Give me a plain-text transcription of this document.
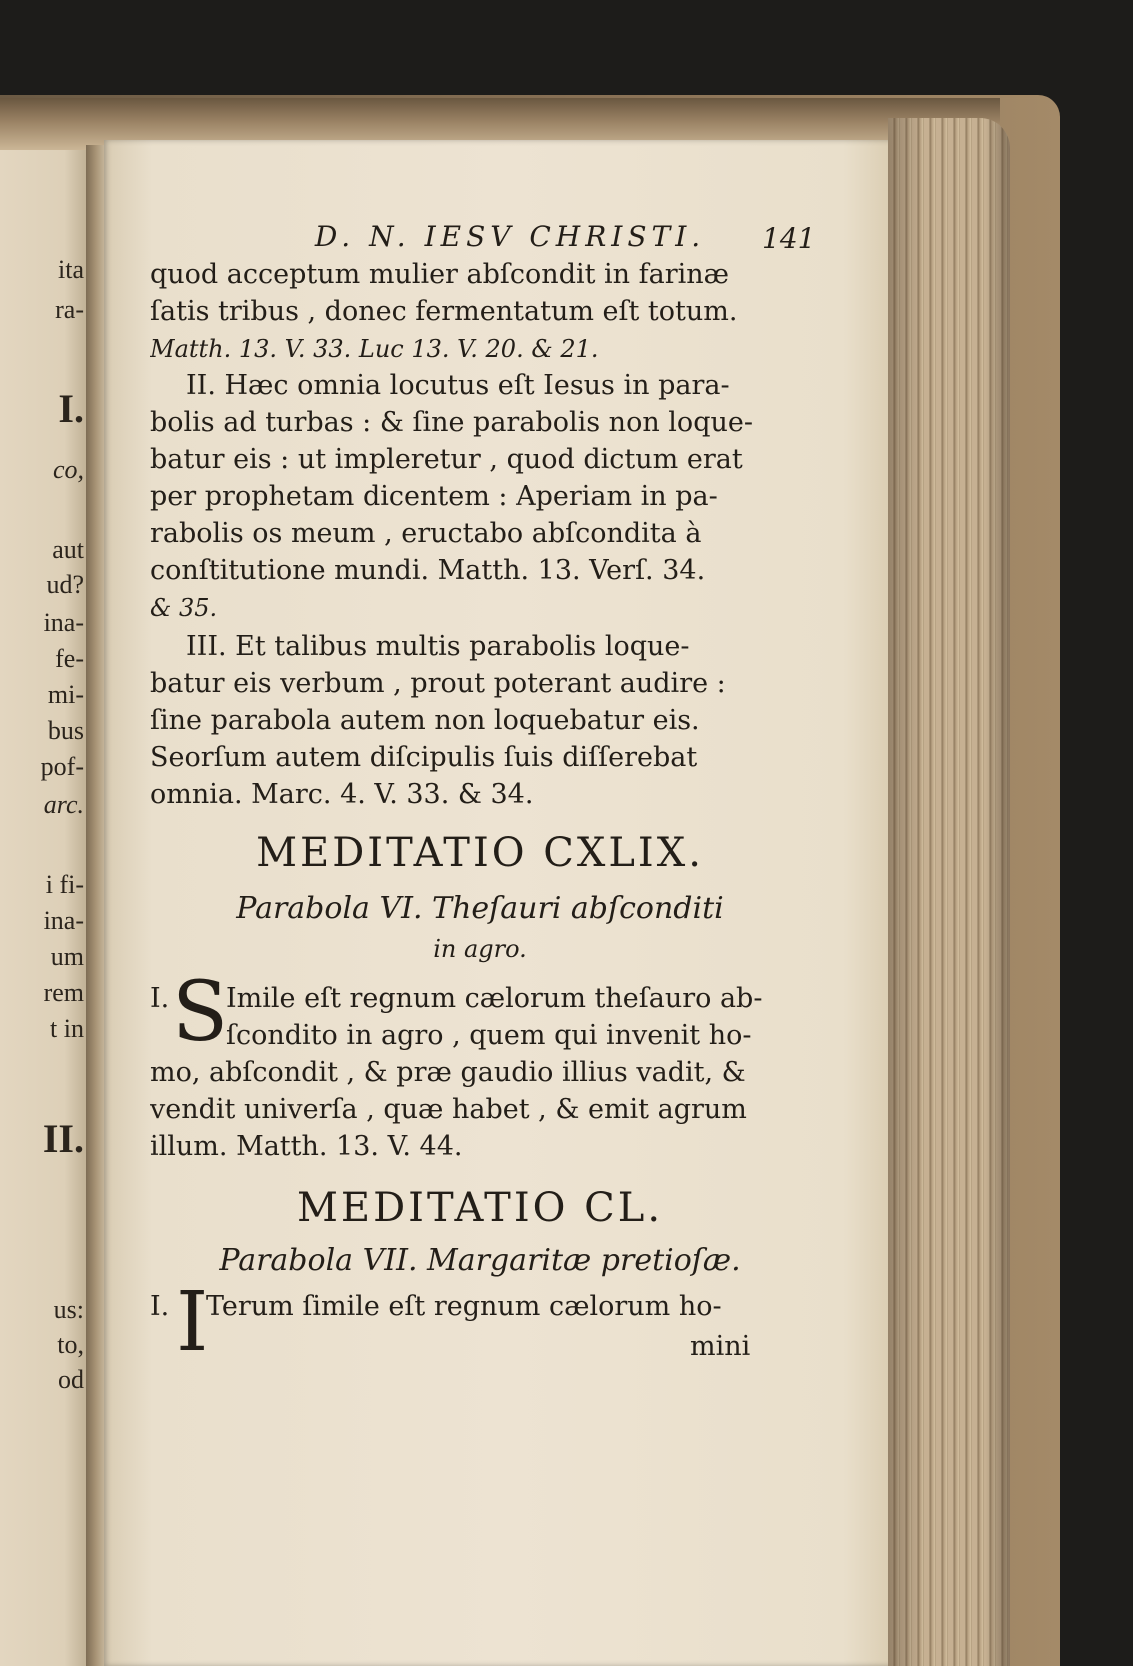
ita
ra-
I.
co,
aut
ud?
ina-
fe-
mi-
bus
pof-
arc.
i fi-
ina-
um
rem
t in
II.
us:
to,
od
D. N. IESV CHRISTI.	141
quod acceptum mulier abſcondit in farinæ
ſatis tribus , donec fermentatum eſt totum.
Matth. 13. V. 33. Luc 13. V. 20. & 21.
II. Hæc omnia locutus eſt Iesus in para-
bolis ad turbas : & ſine parabolis non loque-
batur eis : ut impleretur , quod dictum erat
per prophetam dicentem : Aperiam in pa-
rabolis os meum , eructabo abſcondita à
conſtitutione mundi. Matth. 13. Verſ. 34.
& 35.
III. Et talibus multis parabolis loque-
batur eis verbum , prout poterant audire :
ſine parabola autem non loquebatur eis.
Seorſum autem diſcipulis ſuis diſſerebat
omnia. Marc. 4. V. 33. & 34.
MEDITATIO CXLIX.
Parabola VI. Theſauri abſconditi
in agro.
I. S
Imile eſt regnum cælorum theſauro ab-
ſcondito in agro , quem qui invenit ho-
mo, abſcondit , & præ gaudio illius vadit, &
vendit univerſa , quæ habet , & emit agrum
illum. Matth. 13. V. 44.
MEDITATIO CL.
Parabola VII. Margaritæ pretioſæ.
I. I
Terum ſimile eſt regnum cælorum ho-
mini
